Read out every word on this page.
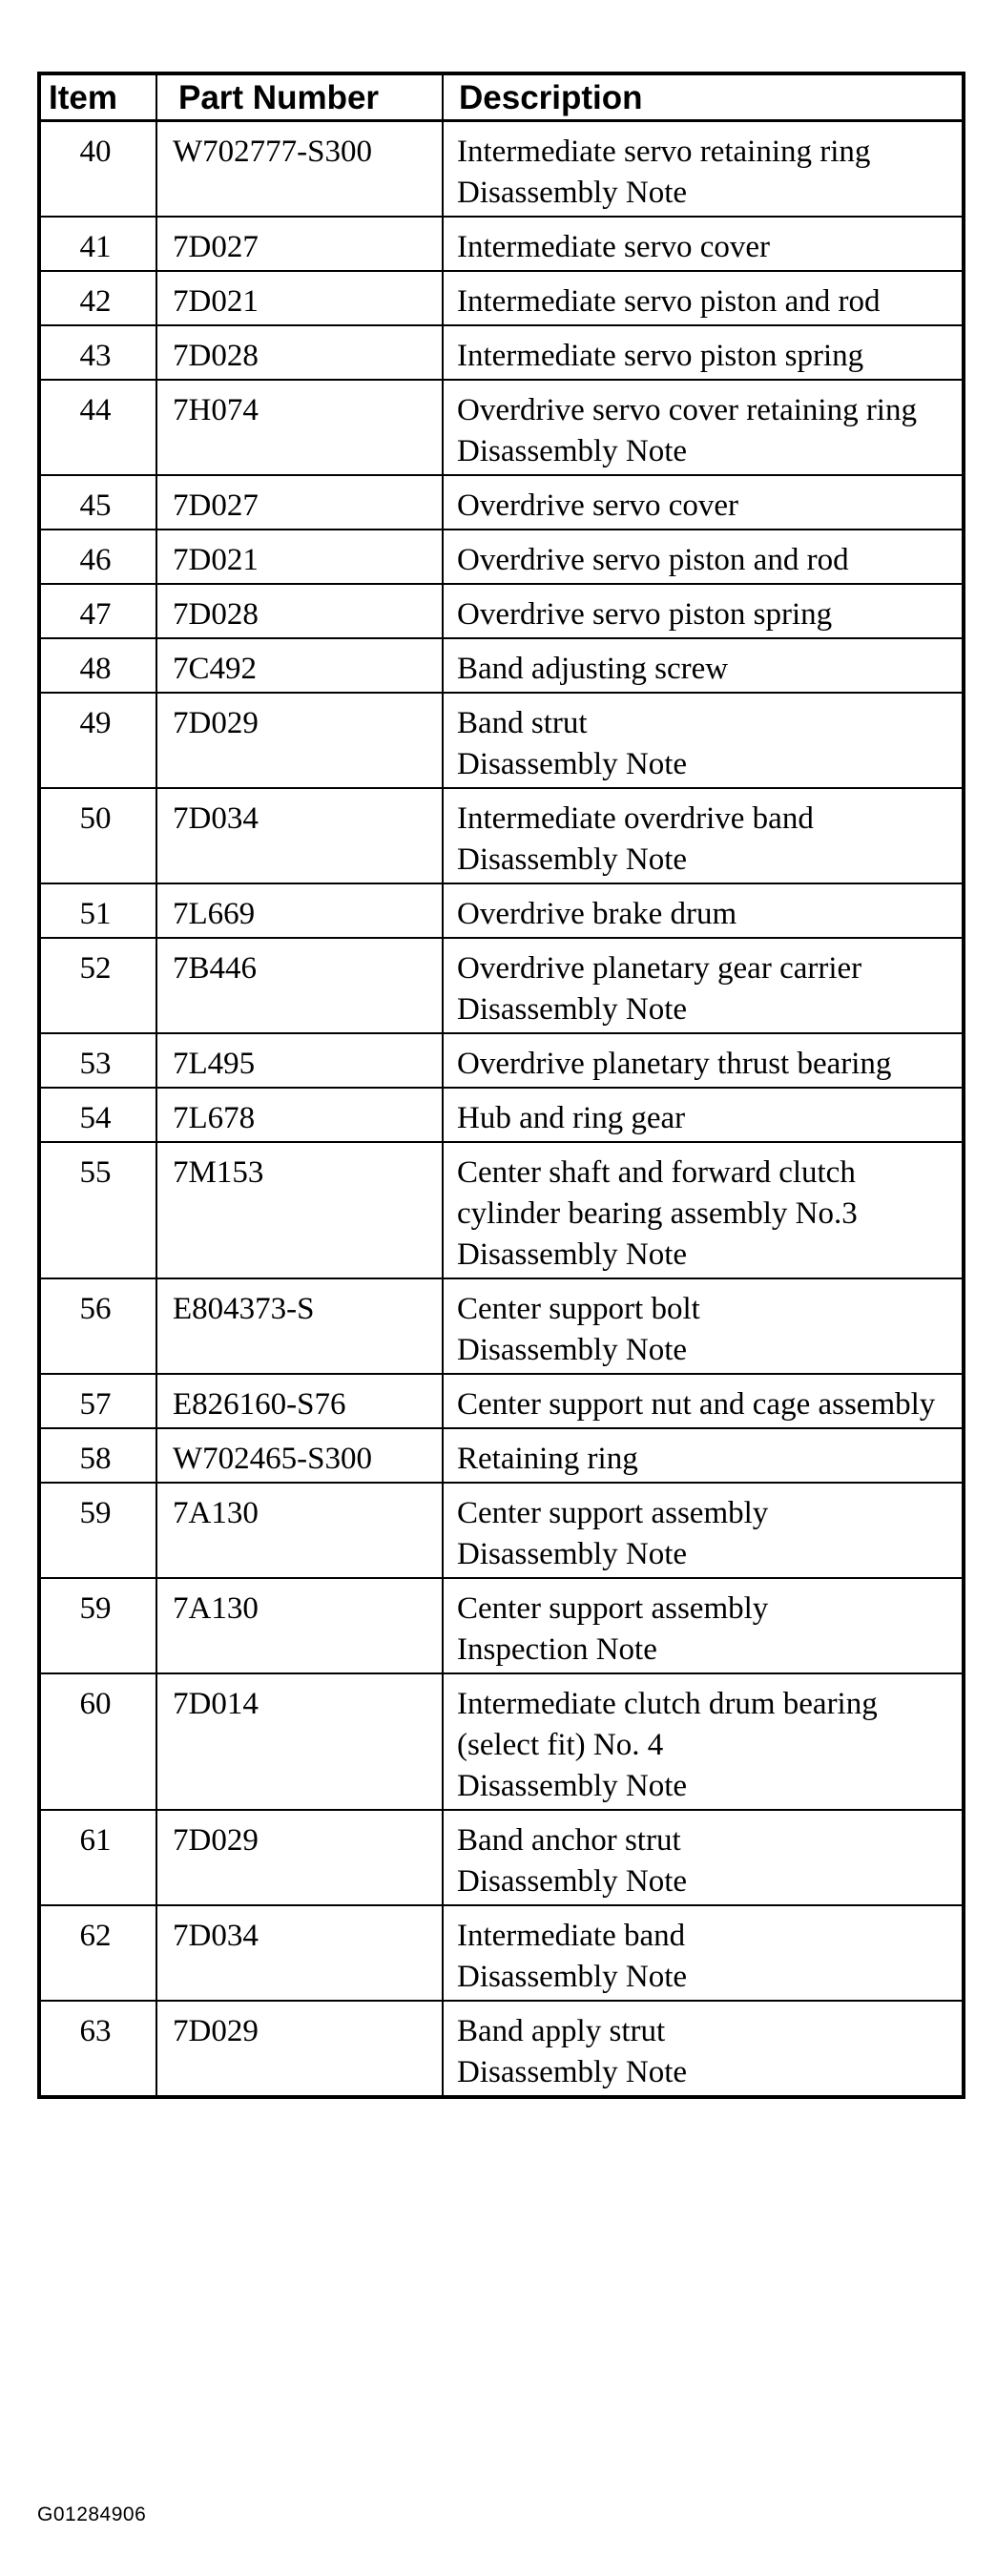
Item	Part Number	Description
40	W702777-S300	Intermediate servo retaining ring
Disassembly Note

41	7D027	Intermediate servo cover

42	7D021	Intermediate servo piston and rod

43	7D028	Intermediate servo piston spring

44	7H074	Overdrive servo cover retaining ring
Disassembly Note

45	7D027	Overdrive servo cover

46	7D021	Overdrive servo piston and rod

47	7D028	Overdrive servo piston spring

48	7C492	Band adjusting screw

49	7D029	Band strut
Disassembly Note

50	7D034	Intermediate overdrive band
Disassembly Note

51	7L669	Overdrive brake drum

52	7B446	Overdrive planetary gear carrier
Disassembly Note

53	7L495	Overdrive planetary thrust bearing

54	7L678	Hub and ring gear

55	7M153	Center shaft and forward clutch cylinder bearing assembly No.3
Disassembly Note

56	E804373-S	Center support bolt
Disassembly Note

57	E826160-S76	Center support nut and cage assembly

58	W702465-S300	Retaining ring

59	7A130	Center support assembly
Disassembly Note

59	7A130	Center support assembly
Inspection Note

60	7D014	Intermediate clutch drum bearing (select fit) No. 4
Disassembly Note

61	7D029	Band anchor strut
Disassembly Note

62	7D034	Intermediate band
Disassembly Note

63	7D029	Band apply strut
Disassembly Note
G01284906
